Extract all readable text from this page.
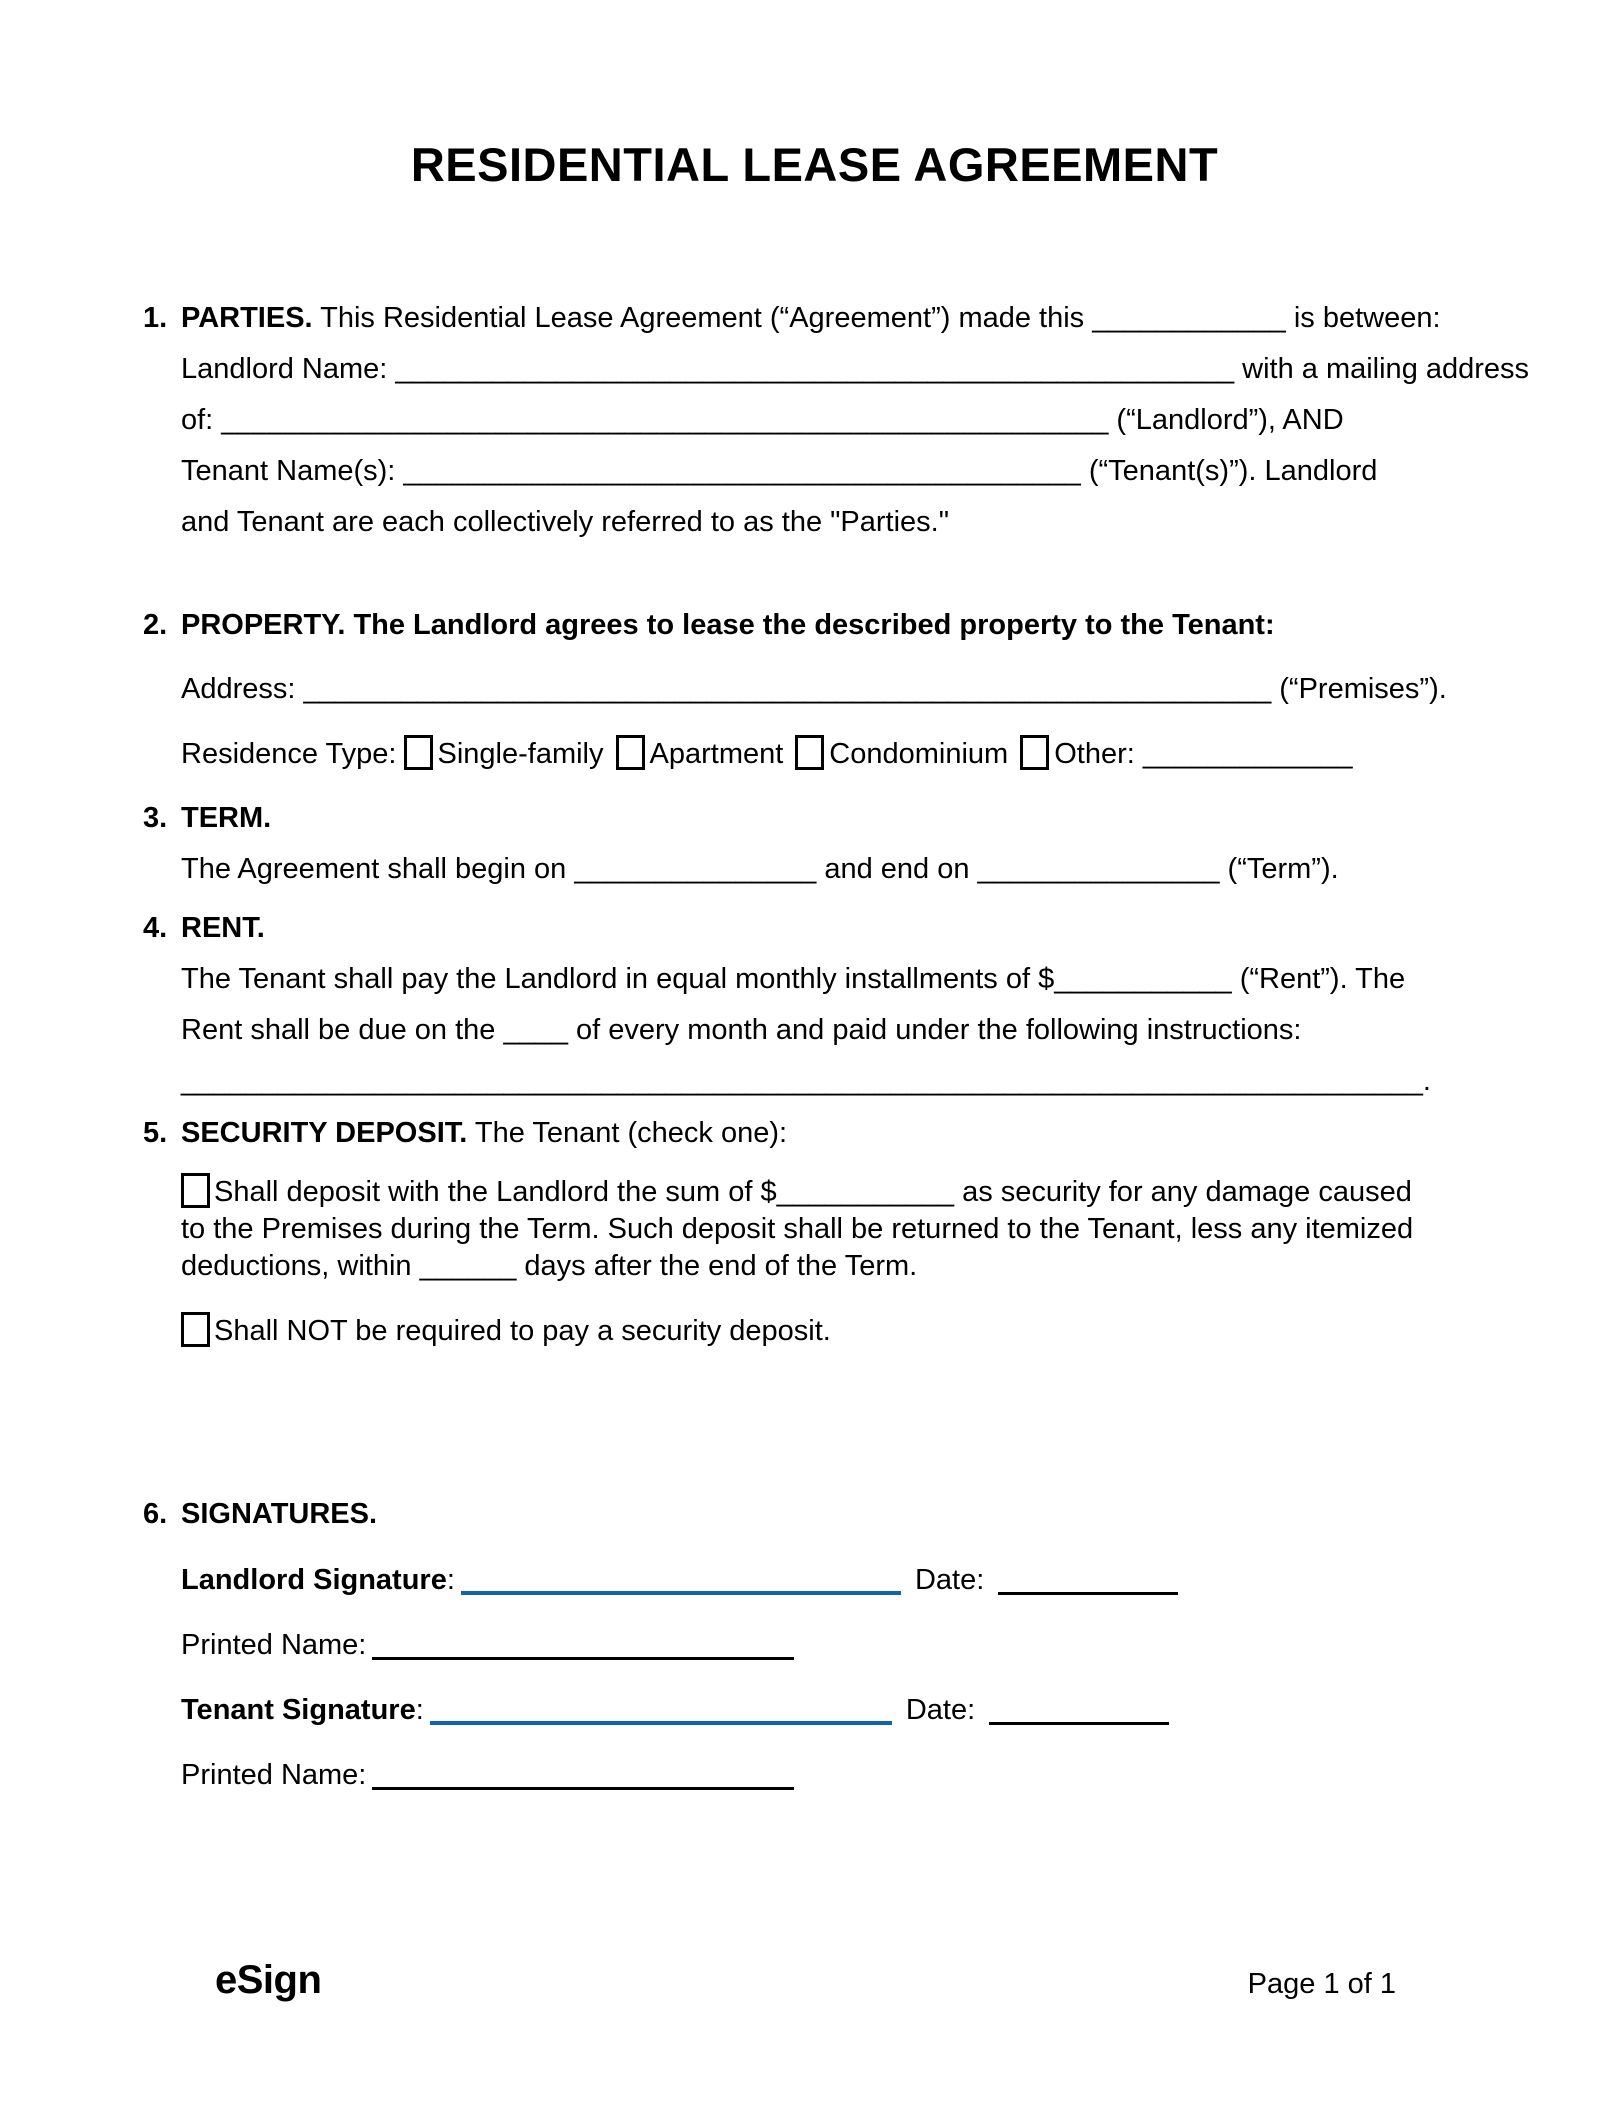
RESIDENTIAL LEASE AGREEMENT
1. PARTIES. This Residential Lease Agreement (“Agreement”) made this ____________ is between:
Landlord Name: ____________________________________________________ with a mailing address
of: _______________________________________________________ (“Landlord”), AND
Tenant Name(s): __________________________________________ (“Tenant(s)”). Landlord
and Tenant are each collectively referred to as the "Parties."
2. PROPERTY. The Landlord agrees to lease the described property to the Tenant:
Address: ____________________________________________________________ (“Premises”).
Residence Type: Single-family Apartment Condominium Other: _____________
3. TERM.
The Agreement shall begin on _______________ and end on _______________ (“Term”).
4. RENT.
The Tenant shall pay the Landlord in equal monthly installments of $___________ (“Rent”). The
Rent shall be due on the ____ of every month and paid under the following instructions:
_____________________________________________________________________________.
5. SECURITY DEPOSIT. The Tenant (check one):
Shall deposit with the Landlord the sum of $___________ as security for any damage caused
to the Premises during the Term. Such deposit shall be returned to the Tenant, less any itemized
deductions, within ______ days after the end of the Term.
Shall NOT be required to pay a security deposit.
6. SIGNATURES.
Landlord Signature:	Date:
Printed Name:
Tenant Signature:	Date:
Printed Name:
eSign	Page 1 of 1
